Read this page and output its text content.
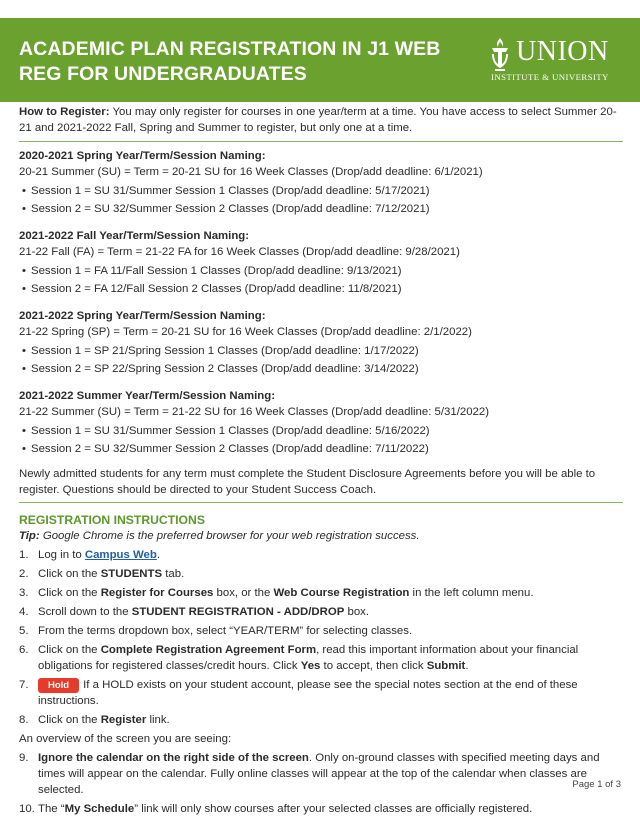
ACADEMIC PLAN REGISTRATION IN J1 WEB
REG FOR UNDERGRADUATES
UNION
INSTITUTE & UNIVERSITY

How to Register: You may only register for courses in one year/term at a time. You have access to select Summer 20-21 and 2021-2022 Fall, Spring and Summer to register, but only one at a time.

2020-2021 Spring Year/Term/Session Naming:
20-21 Summer (SU) = Term = 20-21 SU for 16 Week Classes (Drop/add deadline: 6/1/2021)
• Session 1 = SU 31/Summer Session 1 Classes (Drop/add deadline: 5/17/2021)
• Session 2 = SU 32/Summer Session 2 Classes (Drop/add deadline: 7/12/2021)
2021-2022 Fall Year/Term/Session Naming:
21-22 Fall (FA) = Term = 21-22 FA for 16 Week Classes (Drop/add deadline: 9/28/2021)
• Session 1 = FA 11/Fall Session 1 Classes (Drop/add deadline: 9/13/2021)
• Session 2 = FA 12/Fall Session 2 Classes (Drop/add deadline: 11/8/2021)
2021-2022 Spring Year/Term/Session Naming:
21-22 Spring (SP) = Term = 20-21 SU for 16 Week Classes (Drop/add deadline: 2/1/2022)
• Session 1 = SP 21/Spring Session 1 Classes (Drop/add deadline: 1/17/2022)
• Session 2 = SP 22/Spring Session 2 Classes (Drop/add deadline: 3/14/2022)
2021-2022 Summer Year/Term/Session Naming:
21-22 Summer (SU) = Term = 21-22 SU for 16 Week Classes (Drop/add deadline: 5/31/2022)
• Session 1 = SU 31/Summer Session 1 Classes (Drop/add deadline: 5/16/2022)
• Session 2 = SU 32/Summer Session 2 Classes (Drop/add deadline: 7/11/2022)

Newly admitted students for any term must complete the Student Disclosure Agreements before you will be able to register. Questions should be directed to your Student Success Coach.

REGISTRATION INSTRUCTIONS

Tip: Google Chrome is the preferred browser for your web registration success.

1. Log in to Campus Web.
2. Click on the STUDENTS tab.
3. Click on the Register for Courses box, or the Web Course Registration in the left column menu.
4. Scroll down to the STUDENT REGISTRATION - ADD/DROP box.
5. From the terms dropdown box, select “YEAR/TERM” for selecting classes.
6. Click on the Complete Registration Agreement Form, read this important information about your financial obligations for registered classes/credit hours. Click Yes to accept, then click Submit.
7. Hold If a HOLD exists on your student account, please see the special notes section at the end of these instructions.
8. Click on the Register link.

An overview of the screen you are seeing:

9. Ignore the calendar on the right side of the screen. Only on-ground classes with specified meeting days and times will appear on the calendar. Fully online classes will appear at the top of the calendar when classes are selected.
10. The “My Schedule” link will only show courses after your selected classes are officially registered.
Page 1 of 3
